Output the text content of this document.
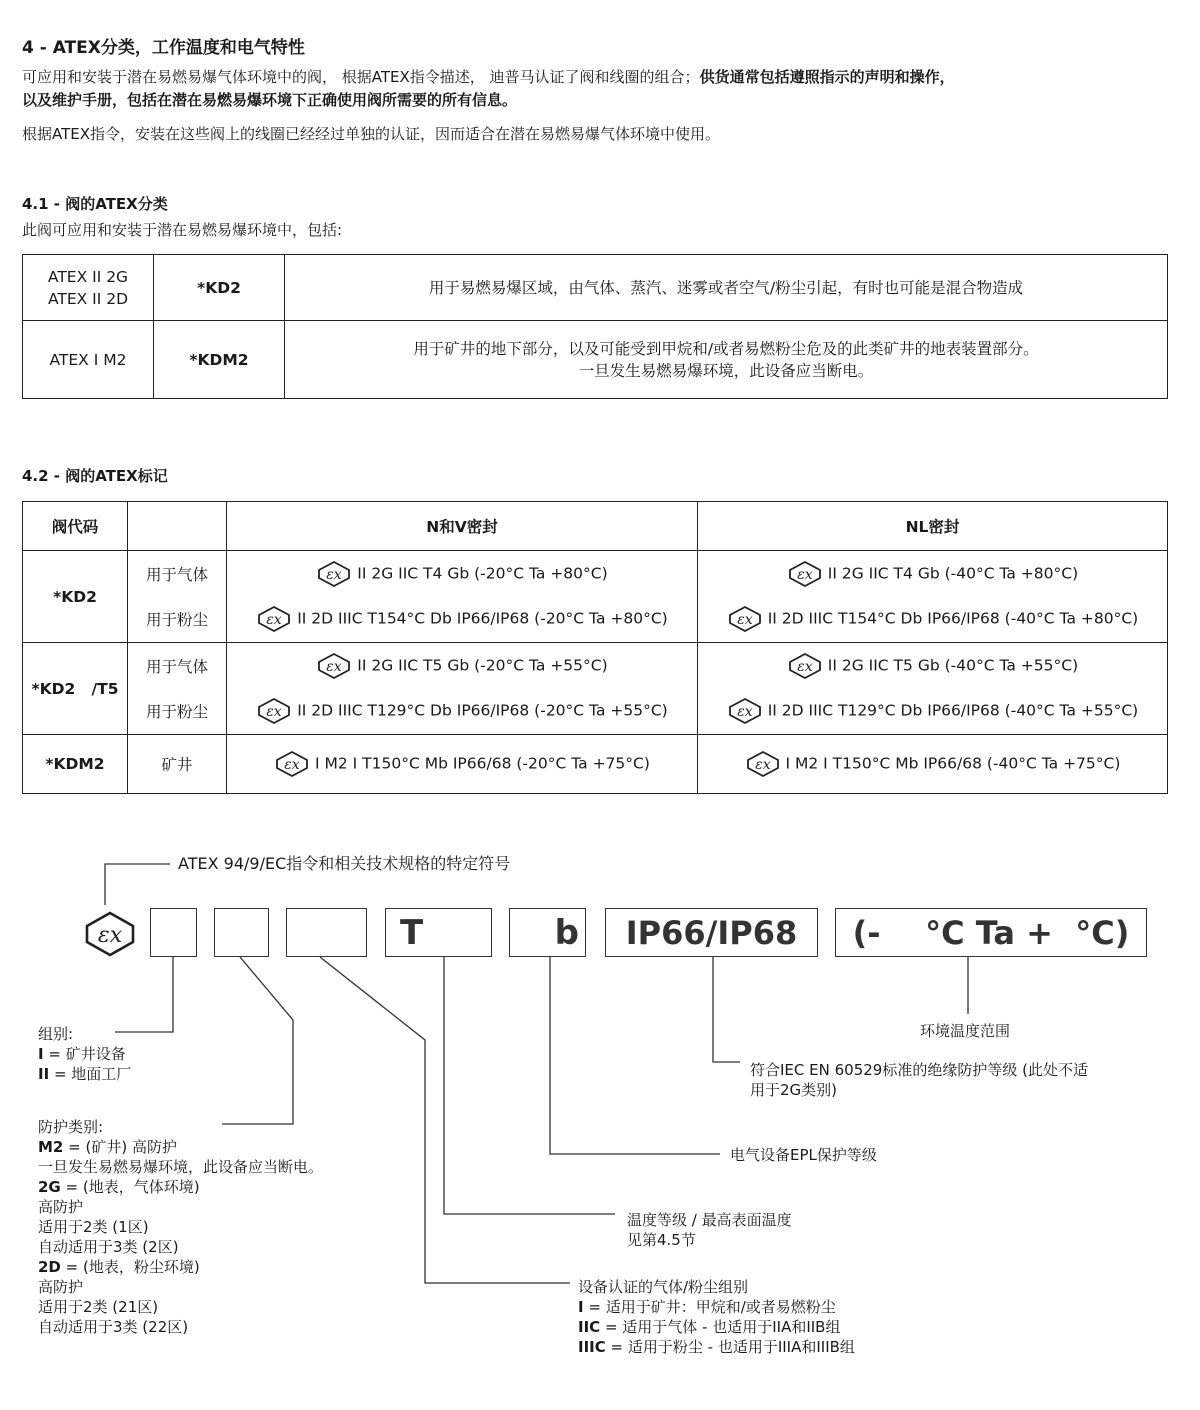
4 - ATEX分类，工作温度和电气特性
可应用和安装于潜在易燃易爆气体环境中的阀， 根据ATEX指令描述， 迪普马认证了阀和线圈的组合；供货通常包括遵照指示的声明和操作，
以及维护手册，包括在潜在易燃易爆环境下正确使用阀所需要的所有信息。
根据ATEX指令，安装在这些阀上的线圈已经经过单独的认证，因而适合在潜在易燃易爆气体环境中使用。
4.1 - 阀的ATEX分类
此阀可应用和安装于潜在易燃易爆环境中，包括:
ATEX II 2G
ATEX II 2D	*KD2	用于易燃易爆区域，由气体、蒸汽、迷雾或者空气/粉尘引起，有时也可能是混合物造成

ATEX I M2	*KDM2	用于矿井的地下部分，以及可能受到甲烷和/或者易燃粉尘危及的此类矿井的地表装置部分。
一旦发生易燃易爆环境，此设备应当断电。
4.2 - 阀的ATEX标记
阀代码		N和V密封	NL密封
*KD2	用于气体	εx II 2G IIC T4 Gb (-20°C Ta +80°C)	εx II 2G IIC T4 Gb (-40°C Ta +80°C)
	用于粉尘	εx II 2D IIIC T154°C Db IP66/IP68 (-20°C Ta +80°C)	εx II 2D IIIC T154°C Db IP66/IP68 (-40°C Ta +80°C)
*KD2   /T5	用于气体	εx II 2G IIC T5 Gb (-20°C Ta +55°C)	εx II 2G IIC T5 Gb (-40°C Ta +55°C)
	用于粉尘	εx II 2D IIIC T129°C Db IP66/IP68 (-20°C Ta +55°C)	εx II 2D IIIC T129°C Db IP66/IP68 (-40°C Ta +55°C)
*KDM2	矿井	εx I M2 I T150°C Mb IP66/68 (-20°C Ta +75°C)	εx I M2 I T150°C Mb IP66/68 (-40°C Ta +75°C)
ATEX 94/9/EC指令和相关技术规格的特定符号
εx	T	b	IP66/IP68	(-    °C Ta +  °C)
组别:
I = 矿井设备
II = 地面工厂
防护类别:
M2 = (矿井) 高防护
一旦发生易燃易爆环境，此设备应当断电。
2G = (地表，气体环境)
高防护
适用于2类 (1区)
自动适用于3类 (2区)
2D = (地表，粉尘环境)
高防护
适用于2类 (21区)
自动适用于3类 (22区)
环境温度范围
符合IEC EN 60529标准的绝缘防护等级 (此处不适
用于2G类别)
电气设备EPL保护等级
温度等级 / 最高表面温度
见第4.5节
设备认证的气体/粉尘组别
I = 适用于矿井：甲烷和/或者易燃粉尘
IIC = 适用于气体 - 也适用于IIA和IIB组
IIIC = 适用于粉尘 - 也适用于IIIA和IIIB组
